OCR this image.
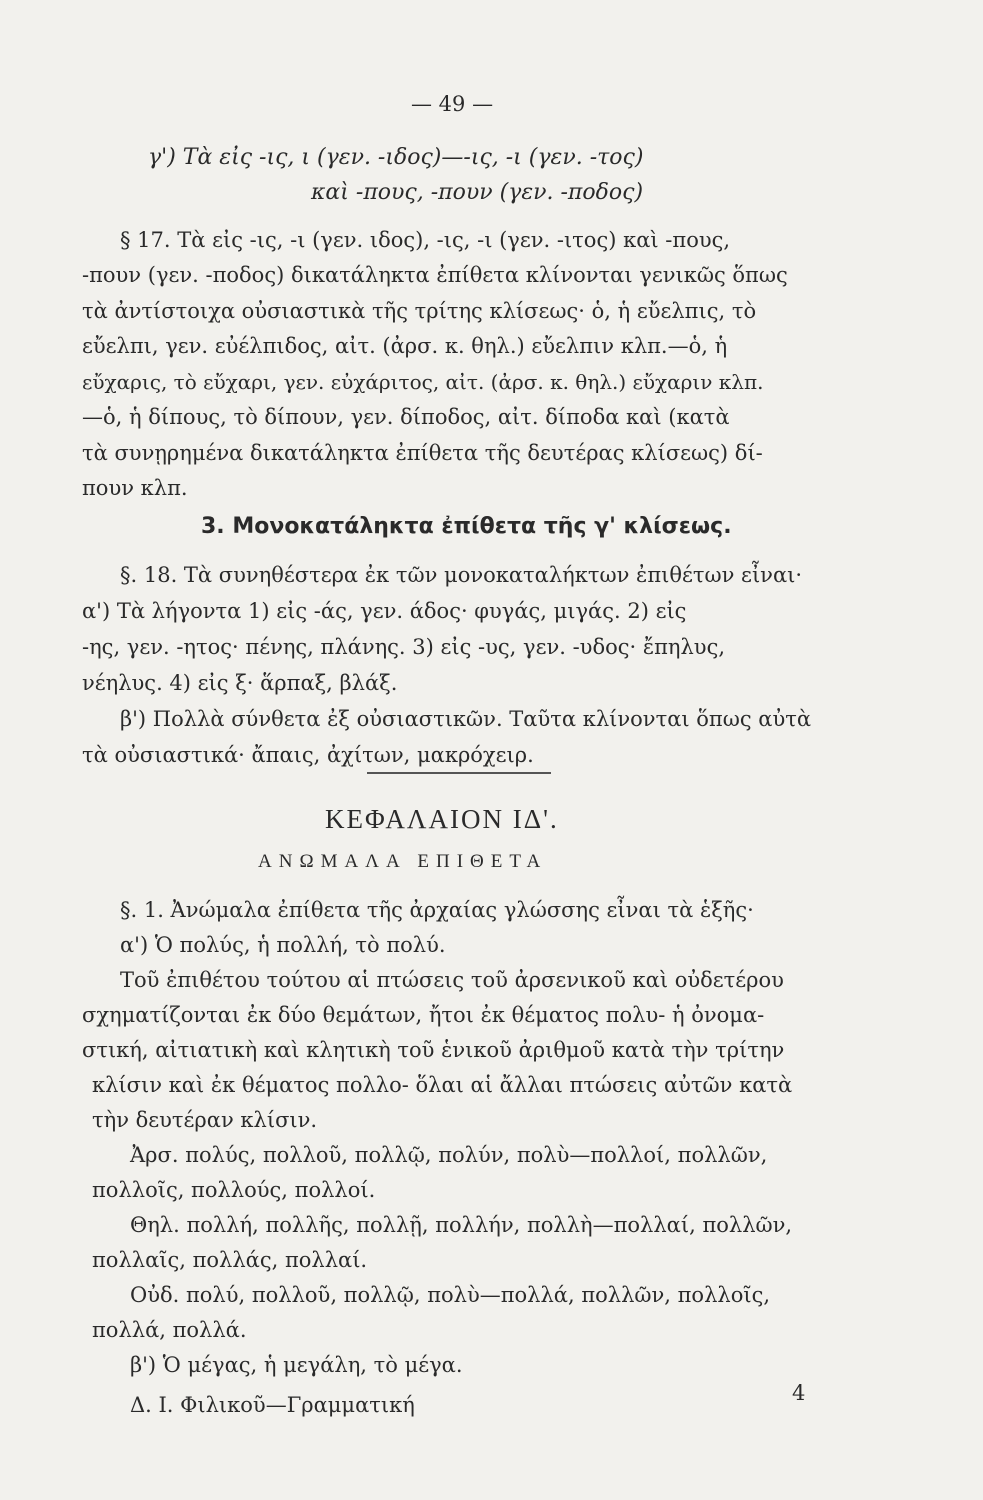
— 49 —
γ') Τὰ εἰς -ις, ι (γεν. -ιδος)—-ις, -ι (γεν. -τος)
καὶ -πους, -πουν (γεν. -ποδος)
§ 17. Τὰ εἰς -ις, -ι (γεν. ιδος), -ις, -ι (γεν. -ιτος) καὶ -πους,
-πουν (γεν. -ποδος) δικατάληκτα ἐπίθετα κλίνονται γενικῶς ὅπως
τὰ ἀντίστοιχα οὐσιαστικὰ τῆς τρίτης κλίσεως· ὁ, ἡ εὔελπις, τὸ
εὔελπι, γεν. εὐέλπιδος, αἰτ. (ἀρσ. κ. θηλ.) εὔελπιν κλπ.—ὁ, ἡ
εὔχαρις, τὸ εὔχαρι, γεν. εὐχάριτος, αἰτ. (ἀρσ. κ. θηλ.) εὔχαριν κλπ.
—ὁ, ἡ δίπους, τὸ δίπουν, γεν. δίποδος, αἰτ. δίποδα καὶ (κατὰ
τὰ συνῃρημένα δικατάληκτα ἐπίθετα τῆς δευτέρας κλίσεως) δί-
πουν κλπ.
3. Μονοκατάληκτα ἐπίθετα τῆς γ' κλίσεως.
§. 18. Τὰ συνηθέστερα ἐκ τῶν μονοκαταλήκτων ἐπιθέτων εἶναι·
α') Τὰ λήγοντα 1) εἰς -άς, γεν. άδος· φυγάς, μιγάς. 2) εἰς
-ης, γεν. -ητος· πένης, πλάνης. 3) εἰς -υς, γεν. -υδος· ἔπηλυς,
νέηλυς. 4) εἰς ξ· ἅρπαξ, βλάξ.
β') Πολλὰ σύνθετα ἐξ οὐσιαστικῶν. Ταῦτα κλίνονται ὅπως αὐτὰ
τὰ οὐσιαστικά· ἄπαις, ἀχίτων, μακρόχειρ.
ΚΕΦΑΛΑΙΟΝ ΙΔ'.
ΑΝΩΜΑΛΑ ΕΠΙΘΕΤΑ
§. 1. Ἀνώμαλα ἐπίθετα τῆς ἀρχαίας γλώσσης εἶναι τὰ ἑξῆς·
α') Ὁ πολύς, ἡ πολλή, τὸ πολύ.
Τοῦ ἐπιθέτου τούτου αἱ πτώσεις τοῦ ἀρσενικοῦ καὶ οὐδετέρου
σχηματίζονται ἐκ δύο θεμάτων, ἤτοι ἐκ θέματος πολυ- ἡ ὀνομα-
στική, αἰτιατικὴ καὶ κλητικὴ τοῦ ἑνικοῦ ἀριθμοῦ κατὰ τὴν τρίτην
κλίσιν καὶ ἐκ θέματος πολλο- ὅλαι αἱ ἄλλαι πτώσεις αὐτῶν κατὰ
τὴν δευτέραν κλίσιν.
Ἀρσ. πολύς, πολλοῦ, πολλῷ, πολύν, πολὺ—πολλοί, πολλῶν,
πολλοῖς, πολλούς, πολλοί.
Θηλ. πολλή, πολλῆς, πολλῇ, πολλήν, πολλὴ—πολλαί, πολλῶν,
πολλαῖς, πολλάς, πολλαί.
Οὐδ. πολύ, πολλοῦ, πολλῷ, πολὺ—πολλά, πολλῶν, πολλοῖς,
πολλά, πολλά.
β') Ὁ μέγας, ἡ μεγάλη, τὸ μέγα.
Δ. Ι. Φιλικοῦ—Γραμματική	4
